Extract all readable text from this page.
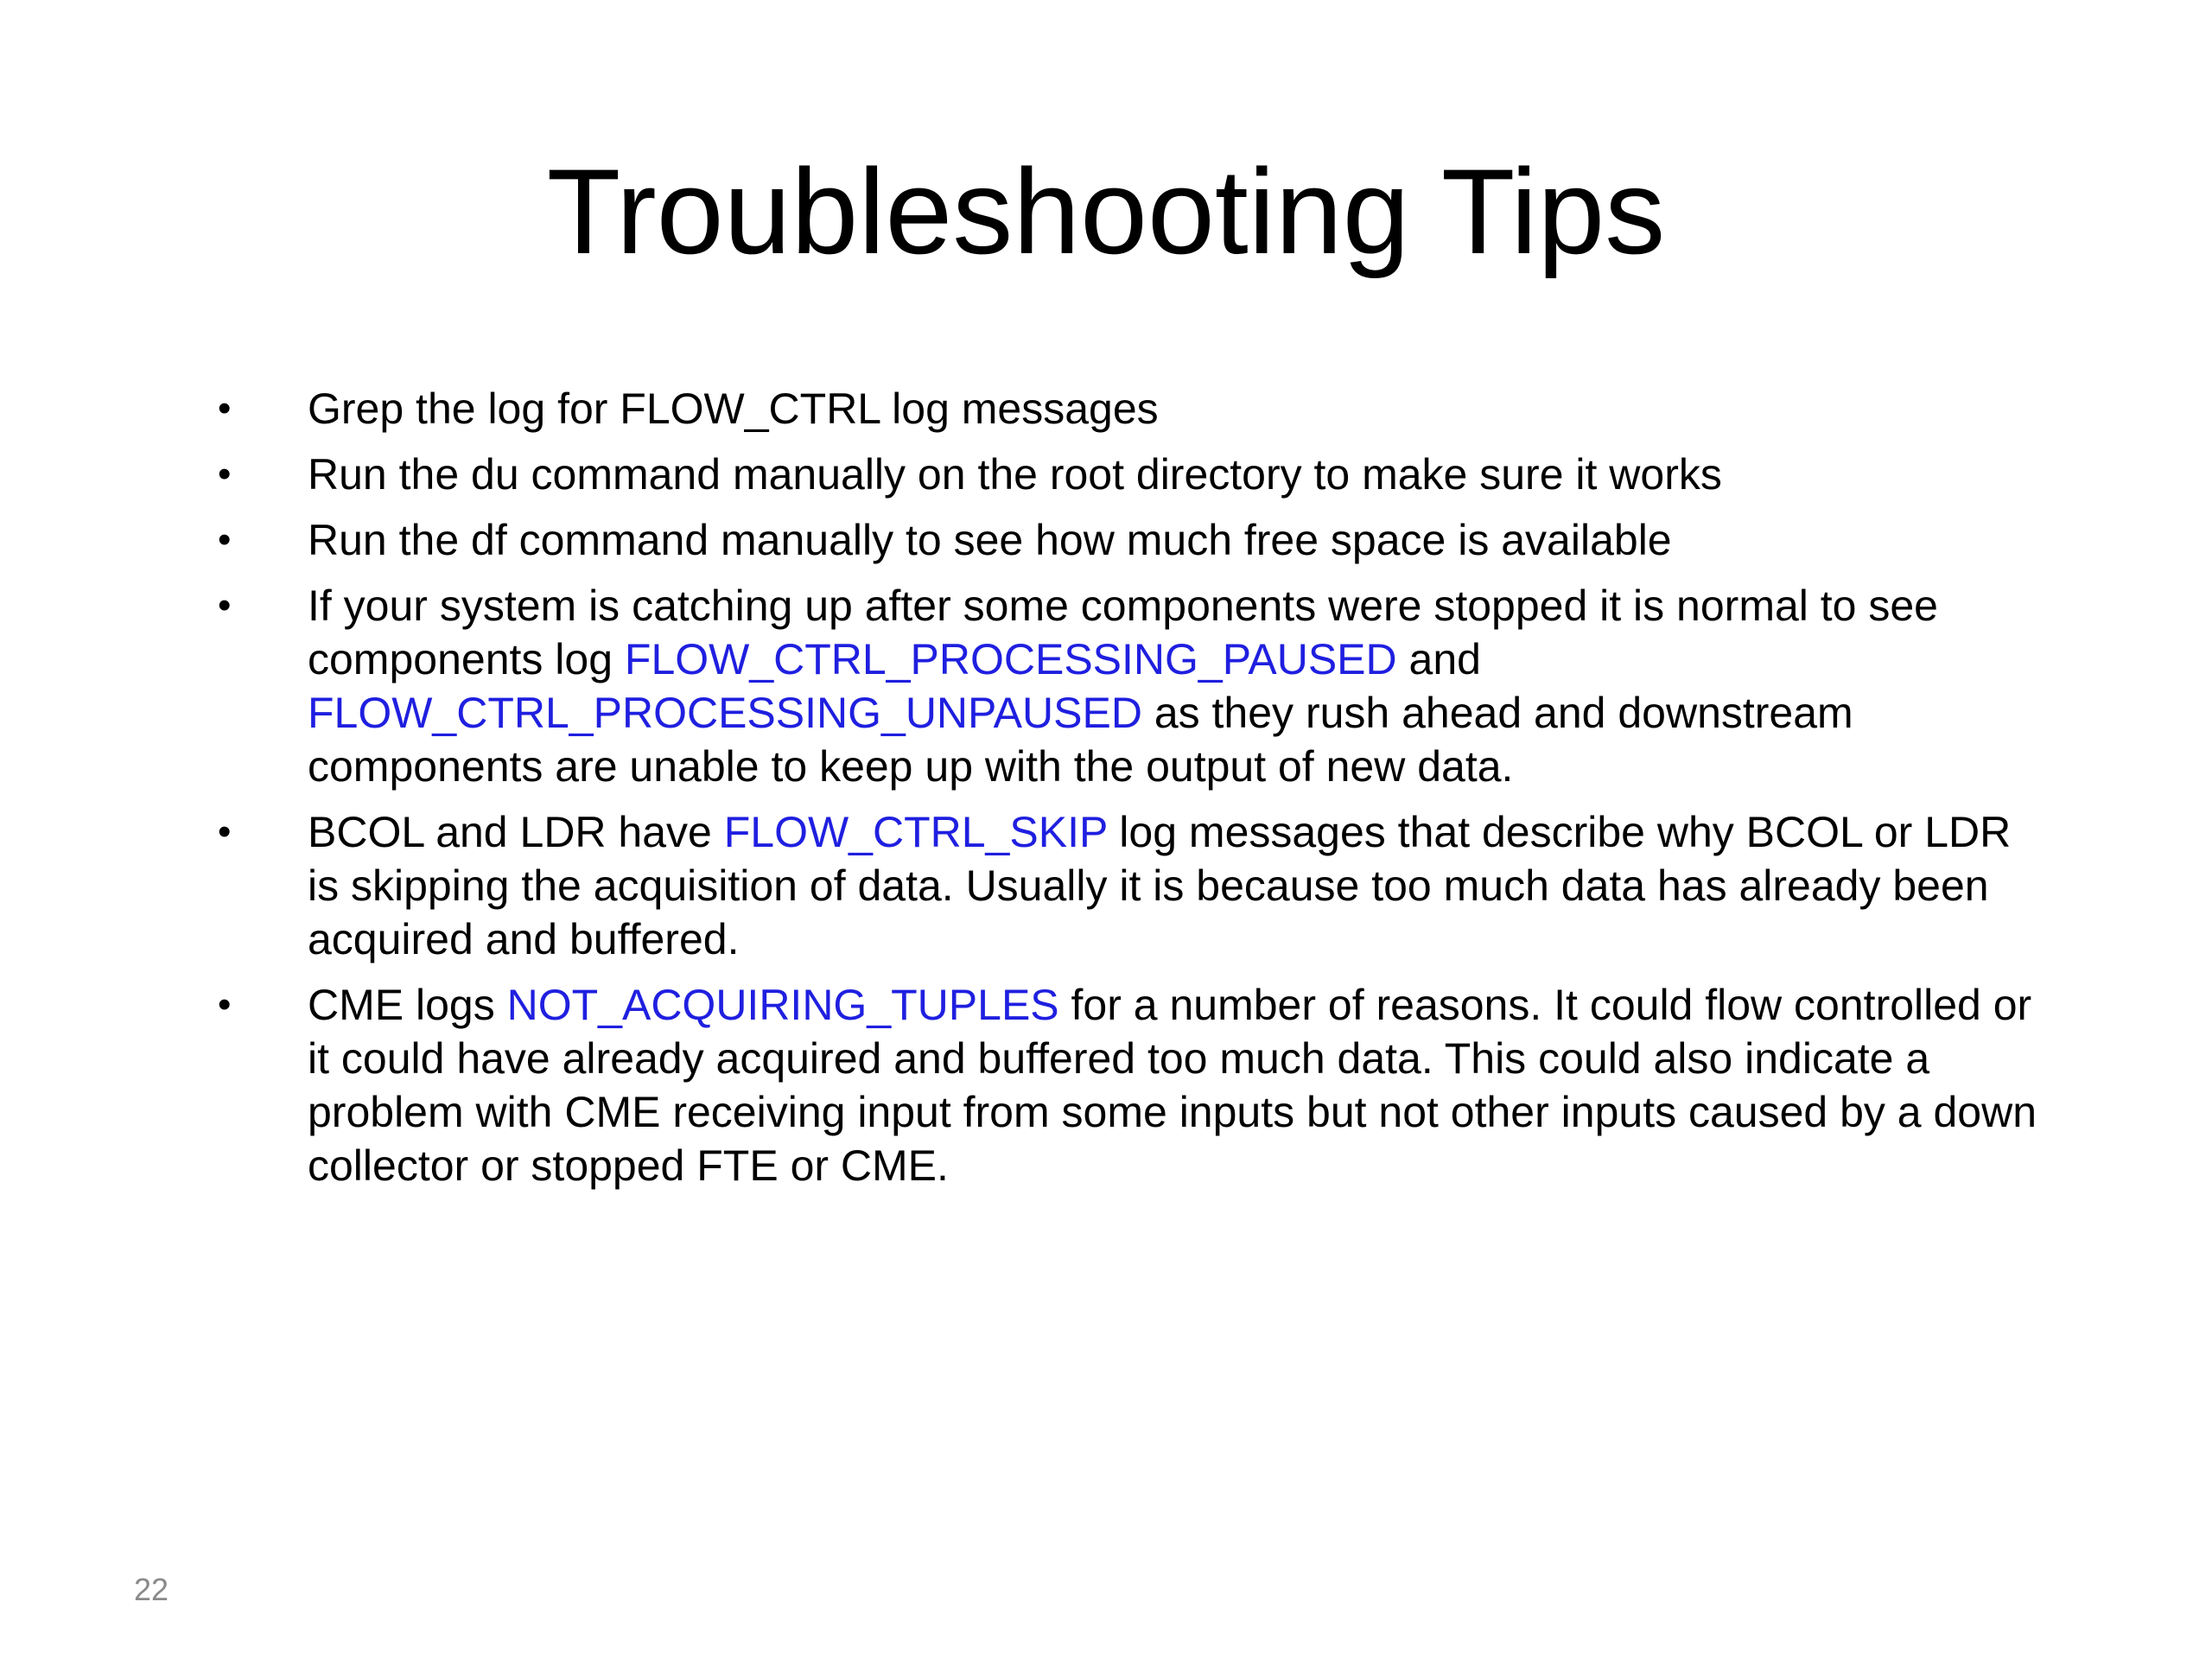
Troubleshooting Tips
•	Grep the log for FLOW_CTRL log messages
•	Run the du command manually on the root directory to make sure it works
•	Run the df command manually to see how much free space is available
•	If your system is catching up after some components were stopped it is normal to see components log FLOW_CTRL_PROCESSING_PAUSED and FLOW_CTRL_PROCESSING_UNPAUSED as they rush ahead and downstream components are unable to keep up with the output of new data.
•	BCOL and LDR have FLOW_CTRL_SKIP log messages that describe why BCOL or LDR is skipping the acquisition of data. Usually it is because too much data has already been acquired and buffered.
•	CME logs NOT_ACQUIRING_TUPLES for a number of reasons. It could flow controlled or it could have already acquired and buffered too much data. This could also indicate a problem with CME receiving input from some inputs but not other inputs caused by a down collector or stopped FTE or CME.
22
